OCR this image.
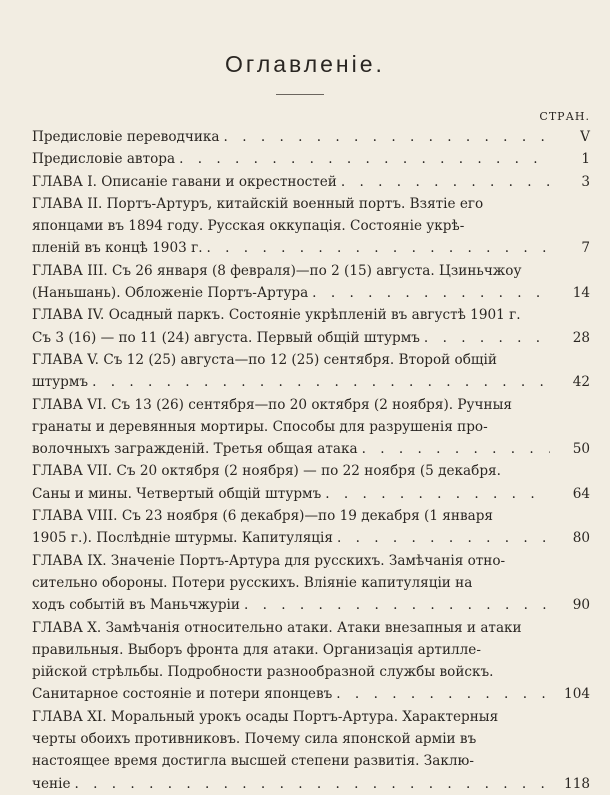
Оглавленіе.
СТРАН.
Предисловіе переводчика . . .	V
Предисловіе автора . . .	1
ГЛАВА I. Описаніе гавани и окрестностей . . .	3
ГЛАВА II. Портъ-Артуръ, китайскій военный портъ. Взятіе его
японцами въ 1894 году. Русская оккупація. Состояніе укрѣ-
пленій въ концѣ 1903 г. . . .	7
ГЛАВА III. Съ 26 января (8 февраля)—по 2 (15) августа. Цзиньчжоу
(Наньшань). Обложеніе Портъ-Артура . . .	14
ГЛАВА IV. Осадный паркъ. Состояніе укрѣпленій въ августѣ 1901 г.
Съ 3 (16) — по 11 (24) августа. Первый общій штурмъ . . .	28
ГЛАВА V. Съ 12 (25) августа—по 12 (25) сентября. Второй общій
штурмъ . . .	42
ГЛАВА VI. Съ 13 (26) сентября—по 20 октября (2 ноября). Ручныя
гранаты и деревянныя мортиры. Способы для разрушенія про-
волочныхъ загражденій. Третья общая атака . . .	50
ГЛАВА VII. Съ 20 октября (2 ноября) — по 22 ноября (5 декабря.
Саны и мины. Четвертый общій штурмъ . . .	64
ГЛАВА VIII. Съ 23 ноября (6 декабря)—по 19 декабря (1 января
1905 г.). Послѣдніе штурмы. Капитуляція . . .	80
ГЛАВА IX. Значеніе Портъ-Артура для русскихъ. Замѣчанія отно-
сительно обороны. Потери русскихъ. Вліяніе капитуляціи на
ходъ событій въ Маньчжуріи . . .	90
ГЛАВА X. Замѣчанія относительно атаки. Атаки внезапныя и атаки
правильныя. Выборъ фронта для атаки. Организація артилле-
рійской стрѣльбы. Подробности разнообразной службы войскъ.
Санитарное состояніе и потери японцевъ . . .	104
ГЛАВА XI. Моральный урокъ осады Портъ-Артура. Характерныя
черты обоихъ противниковъ. Почему сила японской арміи въ
настоящее время достигла высшей степени развитія. Заклю-
ченіе . . .	118
